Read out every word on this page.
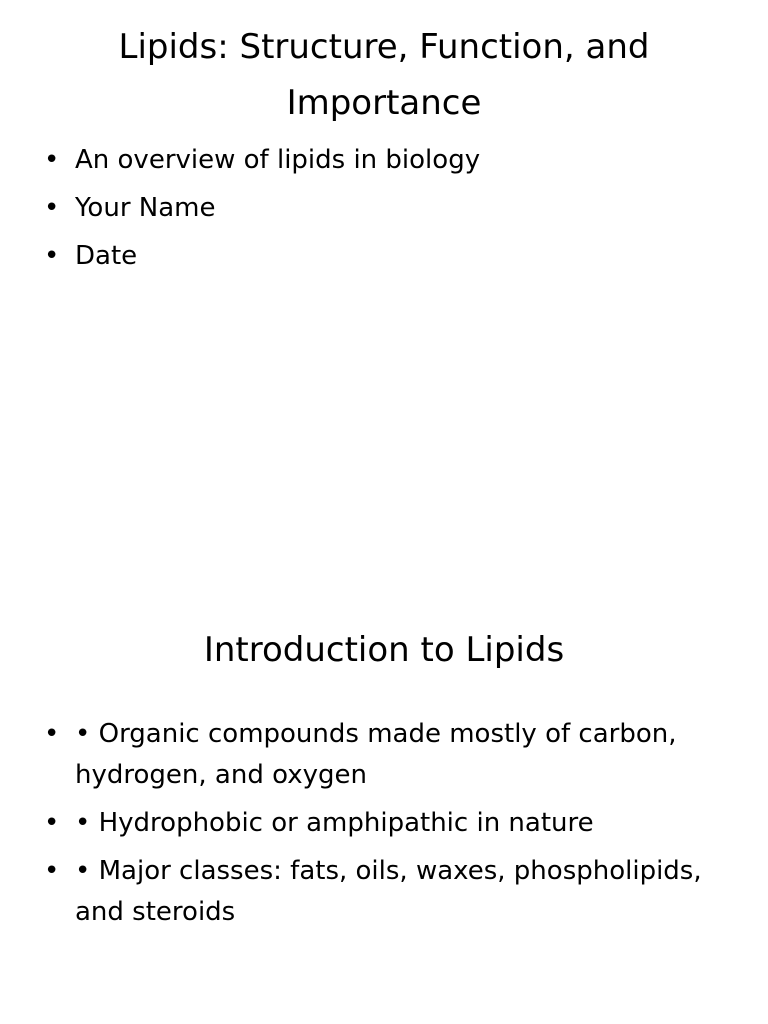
Lipids: Structure, Function, and Importance
• An overview of lipids in biology
• Your Name
• Date
Introduction to Lipids
• • Organic compounds made mostly of carbon, hydrogen, and oxygen
• • Hydrophobic or amphipathic in nature
• • Major classes: fats, oils, waxes, phospholipids, and steroids
